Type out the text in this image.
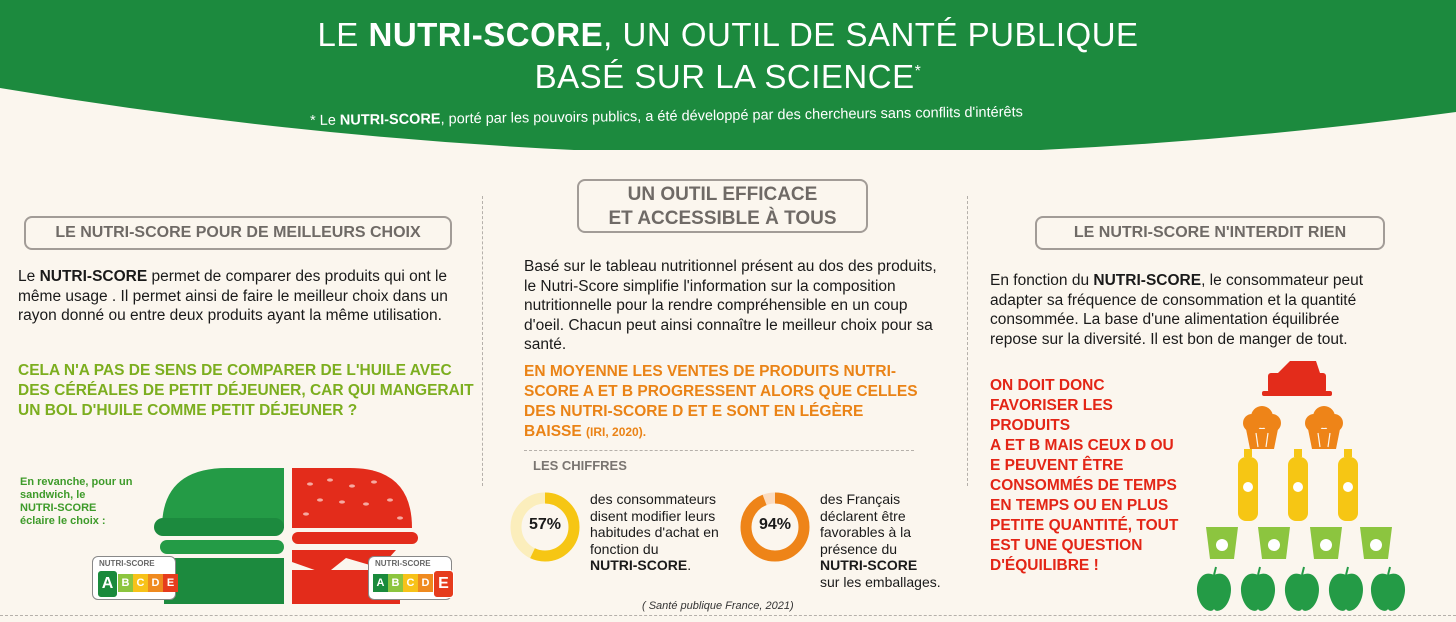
LE NUTRI-SCORE, UN OUTIL DE SANTÉ PUBLIQUE
BASÉ SUR LA SCIENCE*
* Le NUTRI-SCORE, porté par les pouvoirs publics, a été développé par des chercheurs sans conflits d'intérêts
LE NUTRI-SCORE POUR DE MEILLEURS CHOIX
Le NUTRI-SCORE permet de comparer des produits qui ont le même usage . Il permet ainsi de faire le meilleur choix dans un rayon donné ou entre deux produits ayant la même utilisation.
CELA N'A PAS DE SENS DE COMPARER DE L'HUILE AVEC DES CÉRÉALES DE PETIT DÉJEUNER, CAR QUI MANGERAIT UN BOL D'HUILE COMME PETIT DÉJEUNER ?
En revanche, pour un sandwich, le
NUTRI-SCORE
éclaire le choix :
NUTRI-SCORE
A B C D E
NUTRI-SCORE
A B C D E
UN OUTIL EFFICACE
ET ACCESSIBLE À TOUS
Basé sur le tableau nutritionnel présent au dos des produits, le Nutri-Score simplifie l'information sur la composition nutritionnelle pour la rendre compréhensible en un coup d'oeil. Chacun peut ainsi connaître le meilleur choix pour sa santé.
EN MOYENNE LES VENTES DE PRODUITS NUTRI-SCORE A ET B PROGRESSENT ALORS QUE CELLES DES NUTRI-SCORE D ET E SONT EN LÉGÈRE BAISSE (IRI, 2020).
LES CHIFFRES
57%
des consommateurs disent modifier leurs habitudes d'achat en fonction du
NUTRI-SCORE.
94%
des Français déclarent être favorables à la présence du
NUTRI-SCORE
sur les emballages.
( Santé publique France, 2021)
LE NUTRI-SCORE N'INTERDIT RIEN
En fonction du NUTRI-SCORE, le consommateur peut adapter sa fréquence de consommation et la quantité consommée. La base d'une alimentation équilibrée repose sur la diversité. Il est bon de manger de tout.
ON DOIT DONC
FAVORISER LES
PRODUITS
A ET B MAIS CEUX D OU
E PEUVENT ÊTRE
CONSOMMÉS DE TEMPS
EN TEMPS OU EN PLUS
PETITE QUANTITÉ, TOUT
EST UNE QUESTION
D'ÉQUILIBRE !
